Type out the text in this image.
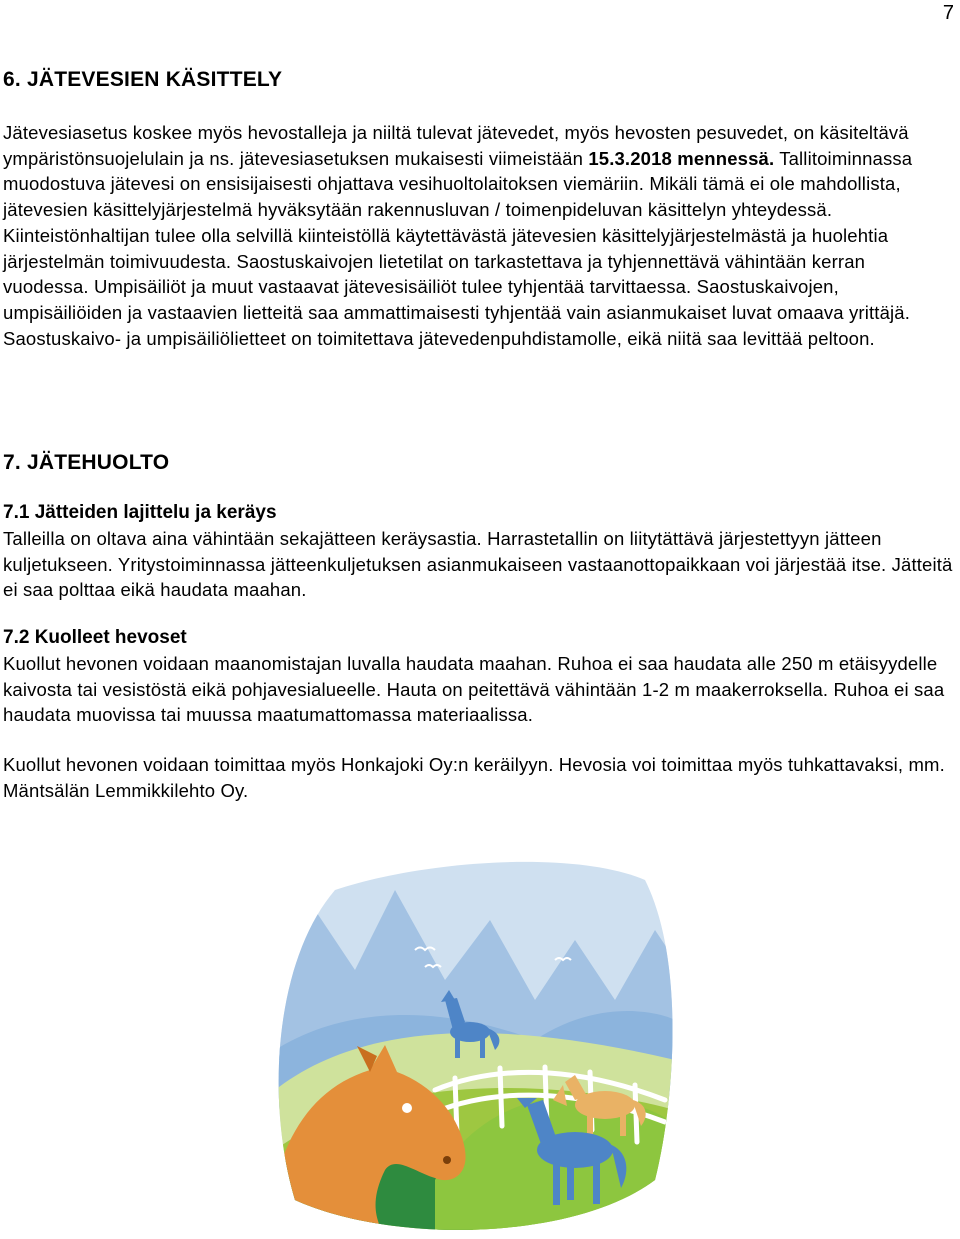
7
6. JÄTEVESIEN KÄSITTELY

Jätevesiasetus koskee myös hevostalleja ja niiltä tulevat jätevedet, myös hevosten pesuvedet, on käsiteltävä ympäristönsuojelulain ja ns. jätevesiasetuksen mukaisesti viimeistään 15.3.2018 mennessä. Tallitoiminnassa muodostuva jätevesi on ensisijaisesti ohjattava vesihuoltolaitoksen viemäriin. Mikäli tämä ei ole mahdollista, jätevesien käsittelyjärjestelmä hyväksytään rakennusluvan / toimenpideluvan käsittelyn yhteydessä. Kiinteistönhaltijan tulee olla selvillä kiinteistöllä käytettävästä jätevesien käsittelyjärjestelmästä ja huolehtia järjestelmän toimivuudesta. Saostuskaivojen lietetilat on tarkastettava ja tyhjennettävä vähintään kerran vuodessa. Umpisäiliöt ja muut vastaavat jätevesisäiliöt tulee tyhjentää tarvittaessa. Saostuskaivojen, umpisäiliöiden ja vastaavien lietteitä saa ammattimaisesti tyhjentää vain asianmukaiset luvat omaava yrittäjä. Saostuskaivo- ja umpisäiliölietteet on toimitettava jätevedenpuhdistamolle, eikä niitä saa levittää peltoon.

7. JÄTEHUOLTO
7.1 Jätteiden lajittelu ja keräys

Talleilla on oltava aina vähintään sekajätteen keräysastia. Harrastetallin on liitytättävä järjestettyyn jätteen kuljetukseen. Yritystoiminnassa jätteenkuljetuksen asianmukaiseen vastaanottopaikkaan voi järjestää itse. Jätteitä ei saa polttaa eikä haudata maahan.

7.2 Kuolleet hevoset

Kuollut hevonen voidaan maanomistajan luvalla haudata maahan. Ruhoa ei saa haudata alle 250 m etäisyydelle kaivosta tai vesistöstä eikä pohjavesialueelle. Hauta on peitettävä vähintään 1-2 m maakerroksella. Ruhoa ei saa haudata muovissa tai muussa maatumattomassa materiaalissa.

Kuollut hevonen voidaan toimittaa myös Honkajoki Oy:n keräilyyn. Hevosia voi toimittaa myös tuhkattavaksi, mm. Mäntsälän Lemmikkilehto Oy.
